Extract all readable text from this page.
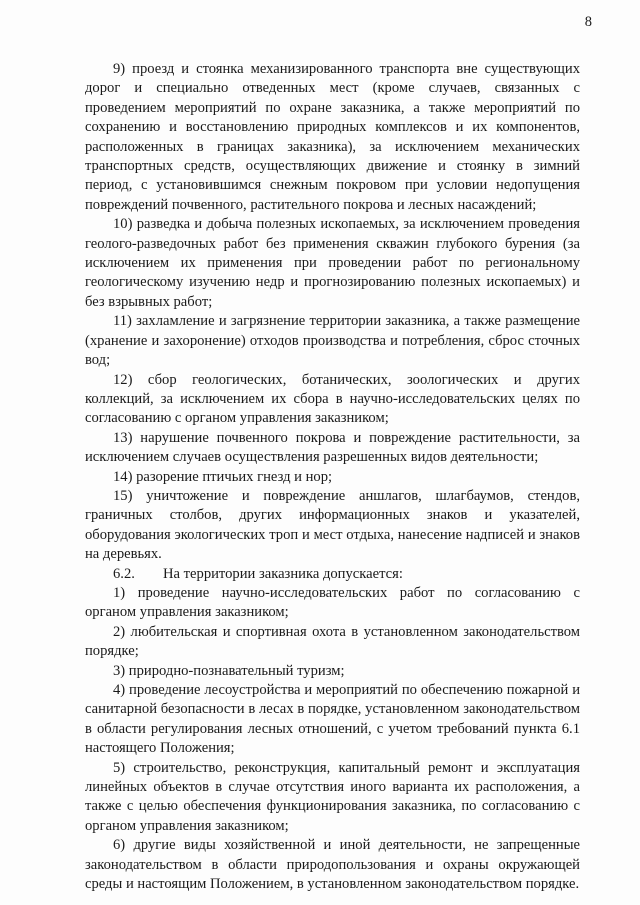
8

9) проезд и стоянка механизированного транспорта вне существующих дорог и специально отведенных мест (кроме случаев, связанных с проведением мероприятий по охране заказника, а также мероприятий по сохранению и восстановлению природных комплексов и их компонентов, расположенных в границах заказника), за исключением механических транспортных средств, осуществляющих движение и стоянку в зимний период, с установившимся снежным покровом при условии недопущения повреждений почвенного, растительного покрова и лесных насаждений;

10) разведка и добыча полезных ископаемых, за исключением проведения геолого-разведочных работ без применения скважин глубокого бурения (за исключением их применения при проведении работ по региональному геологическому изучению недр и прогнозированию полезных ископаемых) и без взрывных работ;

11) захламление и загрязнение территории заказника, а также размещение (хранение и захоронение) отходов производства и потребления, сброс сточных вод;

12) сбор геологических, ботанических, зоологических и других коллекций, за исключением их сбора в научно-исследовательских целях по согласованию с органом управления заказником;

13) нарушение почвенного покрова и повреждение растительности, за исключением случаев осуществления разрешенных видов деятельности;

14) разорение птичьих гнезд и нор;

15) уничтожение и повреждение аншлагов, шлагбаумов, стендов, граничных столбов, других информационных знаков и указателей, оборудования экологических троп и мест отдыха, нанесение надписей и знаков на деревьях.

6.2. На территории заказника допускается:

1) проведение научно-исследовательских работ по согласованию с органом управления заказником;

2) любительская и спортивная охота в установленном законодательством порядке;

3) природно-познавательный туризм;

4) проведение лесоустройства и мероприятий по обеспечению пожарной и санитарной безопасности в лесах в порядке, установленном законодательством в области регулирования лесных отношений, с учетом требований пункта 6.1 настоящего Положения;

5) строительство, реконструкция, капитальный ремонт и эксплуатация линейных объектов в случае отсутствия иного варианта их расположения, а также с целью обеспечения функционирования заказника, по согласованию с органом управления заказником;

6) другие виды хозяйственной и иной деятельности, не запрещенные законодательством в области природопользования и охраны окружающей среды и настоящим Положением, в установленном законодательством порядке.
